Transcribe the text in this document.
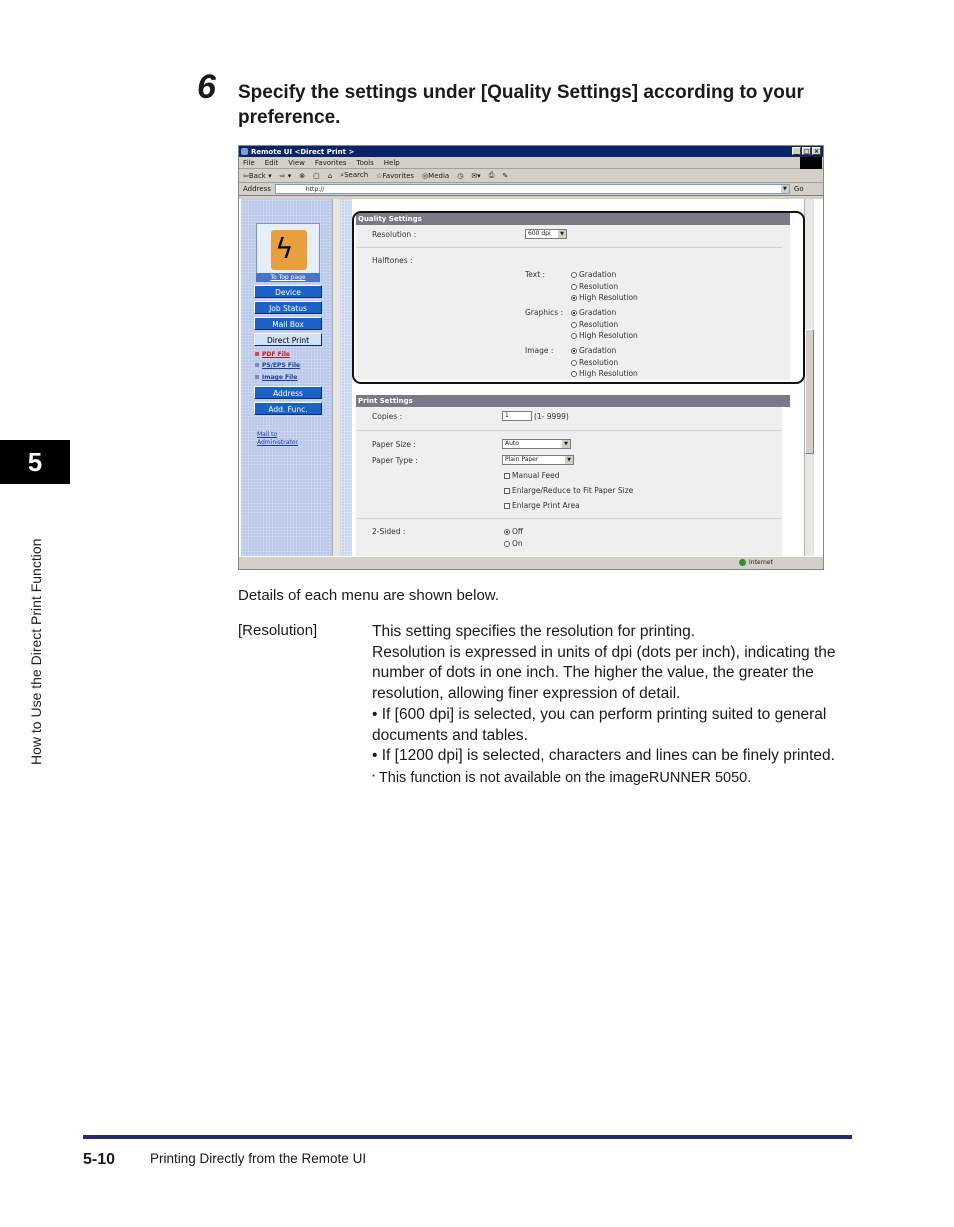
5
How to Use the Direct Print Function
6 Specify the settings under [Quality Settings] according to your preference.
Remote UI <Direct Print >	_ □ ×
File Edit View Favorites Tools Help
⇦Back ▾ ⇨ ▾ ⊗ ▢ ⌂ ⌕Search ☆Favorites ◎Media ◷ ✉▾ ⎙ ✎
Address	http://	▼ Go
ϟ
To Top page
Device
Job Status
Mail Box
Direct Print
PDF File
PS/EPS File
Image File
Address
Add. Func.
Mail to
Administrator
Quality Settings
Resolution :	600 dpi	▼
Halftones :
Text :	Gradation
Resolution
High Resolution
Graphics : Gradation
Resolution
High Resolution
Image :	Gradation
Resolution
High Resolution
Print Settings
Copies :	1	(1- 9999)
Paper Size :	Auto	▼
Paper Type :	Plain Paper	▼
Manual Feed
Enlarge/Reduce to Fit Paper Size
Enlarge Print Area
2-Sided :	Off
On
Internet
Details of each menu are shown below.
[Resolution]	This setting specifies the resolution for printing.

Resolution is expressed in units of dpi (dots per inch), indicating the number of dots in one inch. The higher the value, the greater the resolution, allowing finer expression of detail.

• If [600 dpi] is selected, you can perform printing suited to general documents and tables.

• If [1200 dpi] is selected, characters and lines can be finely printed.

* This function is not available on the imageRUNNER 5050.

5-10	Printing Directly from the Remote UI
